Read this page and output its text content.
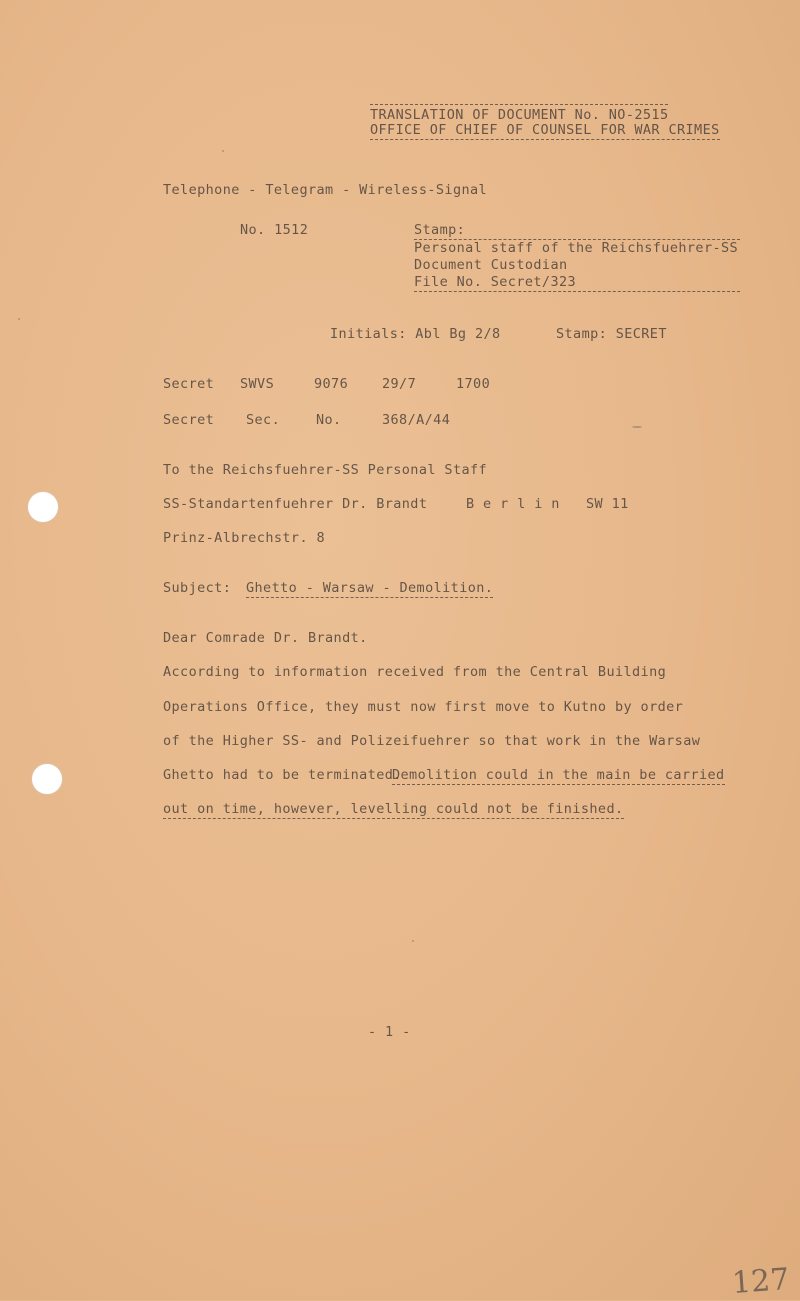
TRANSLATION OF DOCUMENT No. NO-2515
OFFICE OF CHIEF OF COUNSEL FOR WAR CRIMES
Telephone - Telegram - Wireless-Signal
No. 1512	Stamp:
Personal staff of the Reichsfuehrer-SS
Document Custodian
File No. Secret/323
Initials: Abl Bg 2/8	Stamp: SECRET
Secret SWVS	9076	29/7	1700
Secret Sec.	No.	368/A/44
To the Reichsfuehrer-SS Personal Staff
SS-Standartenfuehrer Dr. Brandt	B e r l i n SW 11
Prinz-Albrechstr. 8
Subject: Ghetto - Warsaw - Demolition.
Dear Comrade Dr. Brandt.
According to information received from the Central Building
Operations Office, they must now first move to Kutno by order
of the Higher SS- and Polizeifuehrer so that work in the Warsaw
Ghetto had to be terminated.
Demolition could in the main be carried
out on time, however, levelling could not be finished.
- 1 -
127
